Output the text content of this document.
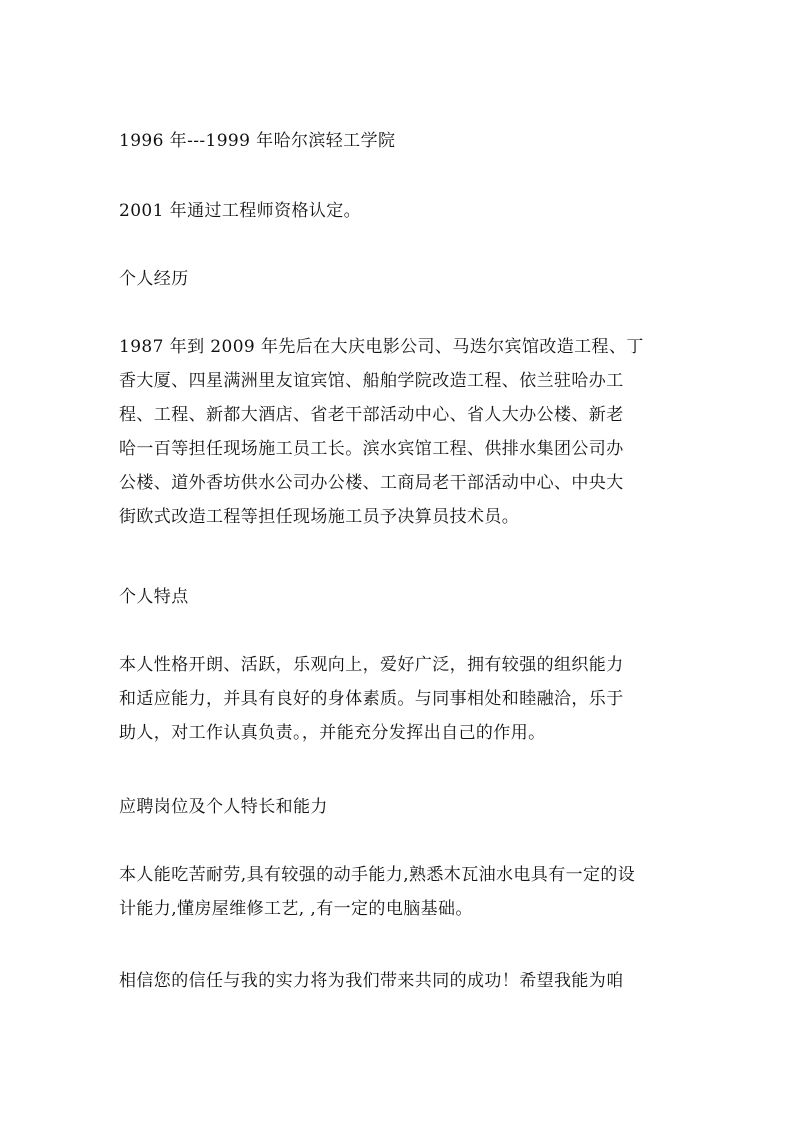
1996 年---1999 年哈尔滨轻工学院

2001 年通过工程师资格认定。

个人经历

1987 年到 2009 年先后在大庆电影公司、马迭尔宾馆改造工程、丁
香大厦、四星满洲里友谊宾馆、船舶学院改造工程、依兰驻哈办工
程、工程、新都大酒店、省老干部活动中心、省人大办公楼、新老
哈一百等担任现场施工员工长。滨水宾馆工程、供排水集团公司办
公楼、道外香坊供水公司办公楼、工商局老干部活动中心、中央大
街欧式改造工程等担任现场施工员予决算员技术员。

个人特点

本人性格开朗、活跃，乐观向上，爱好广泛，拥有较强的组织能力
和适应能力，并具有良好的身体素质。与同事相处和睦融洽，乐于
助人，对工作认真负责。，并能充分发挥出自己的作用。

应聘岗位及个人特长和能力

本人能吃苦耐劳,具有较强的动手能力,熟悉木瓦油水电具有一定的设
计能力,懂房屋维修工艺, ,有一定的电脑基础。

相信您的信任与我的实力将为我们带来共同的成功！希望我能为咱
